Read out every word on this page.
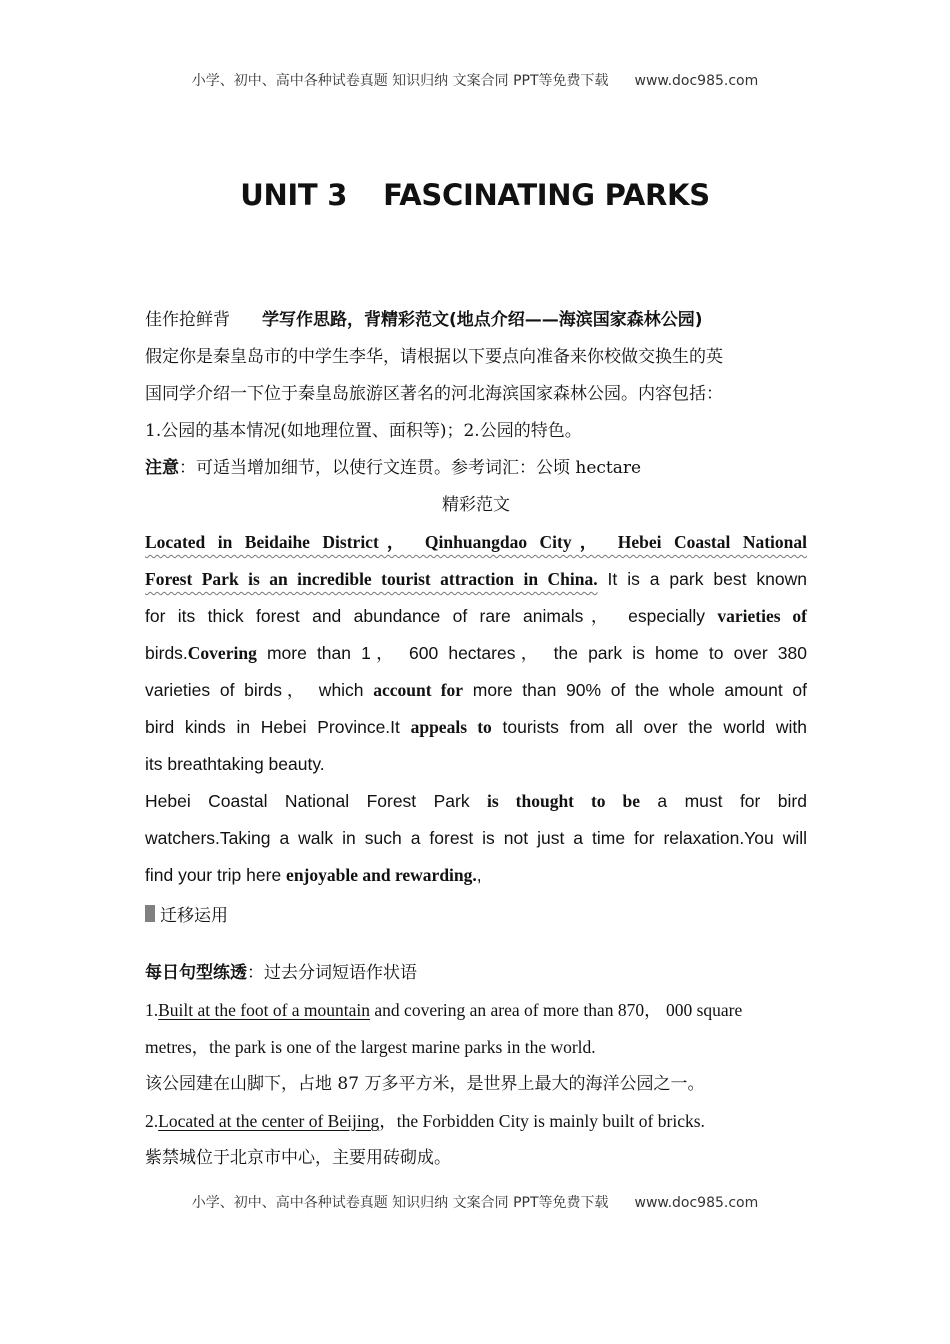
小学、初中、高中各种试卷真题 知识归纳 文案合同 PPT等免费下载 www.doc985.com
UNIT 3 FASCINATING PARKS
佳作抢鲜背 学写作思路，背精彩范文(地点介绍——海滨国家森林公园)
假定你是秦皇岛市的中学生李华，请根据以下要点向准备来你校做交换生的英
国同学介绍一下位于秦皇岛旅游区著名的河北海滨国家森林公园。内容包括：
1.公园的基本情况(如地理位置、面积等)；2.公园的特色。
注意：可适当增加细节，以使行文连贯。参考词汇：公顷 hectare
精彩范文
Located in Beidaihe District， Qinhuangdao City， Hebei Coastal National
Forest Park is an incredible tourist attraction in China. It is a park best known
for its thick forest and abundance of rare animals， especially varieties of
birds.Covering more than 1， 600 hectares， the park is home to over 380
varieties of birds， which account for more than 90% of the whole amount of
bird kinds in Hebei Province.It appeals to tourists from all over the world with
its breathtaking beauty.
Hebei Coastal National Forest Park is thought to be a must for bird
watchers.Taking a walk in such a forest is not just a time for relaxation.You will
find your trip here enjoyable and rewarding.,
迁移运用
每日句型练透：过去分词短语作状语
1.Built at the foot of a mountain and covering an area of more than 870， 000 square
metres，the park is one of the largest marine parks in the world.
该公园建在山脚下，占地 87 万多平方米，是世界上最大的海洋公园之一。
2.Located at the center of Beijing，the Forbidden City is mainly built of bricks.
紫禁城位于北京市中心，主要用砖砌成。
小学、初中、高中各种试卷真题 知识归纳 文案合同 PPT等免费下载 www.doc985.com
